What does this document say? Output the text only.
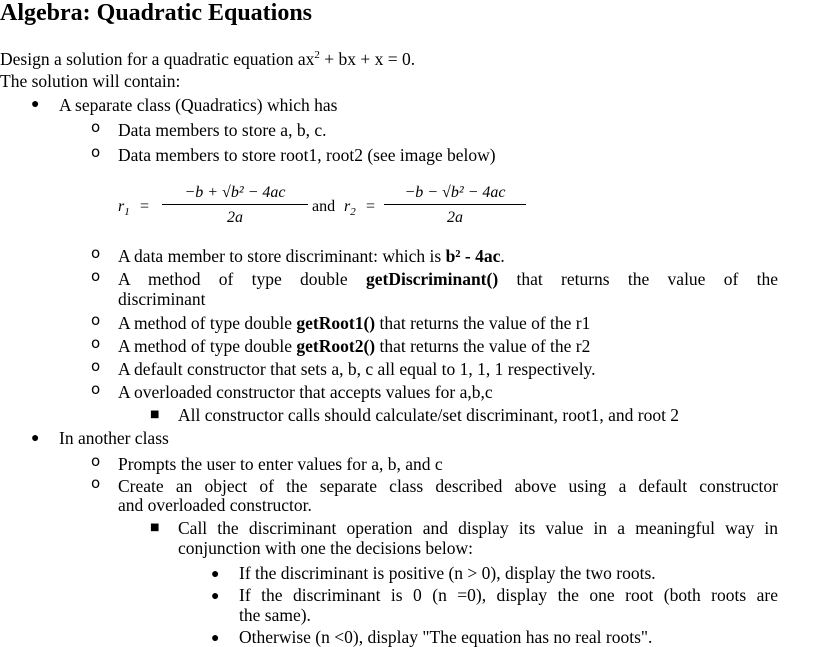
Algebra: Quadratic Equations
Design a solution for a quadratic equation $ax^2$ + bx + x = 0.
The solution will contain:
● A separate class (Quadratics) which has
o Data members to store a, b, c.
o Data members to store root1, root2 (see image below)
$r_1 = \frac{\text{−b + √b² − 4ac}}{2a}$ and $r_2 = \frac{\text{−b − √b² − 4ac}}{2a}$
o A data member to store discriminant: which is b² - 4ac.
o A method of type double getDiscriminant() that returns the value of the
discriminant
o A method of type double getRoot1() that returns the value of the r1
o A method of type double getRoot2() that returns the value of the r2
o A default constructor that sets a, b, c all equal to 1, 1, 1 respectively.
o A overloaded constructor that accepts values for a,b,c
■ All constructor calls should calculate/set discriminant, root1, and root 2
● In another class
o Prompts the user to enter values for a, b, and c
o Create an object of the separate class described above using a default constructor
and overloaded constructor.
■ Call the discriminant operation and display its value in a meaningful way in
conjunction with one the decisions below:
● If the discriminant is positive (n > 0), display the two roots.
● If the discriminant is 0 (n =0), display the one root (both roots are
the same).
● Otherwise (n <0), display "The equation has no real roots".
